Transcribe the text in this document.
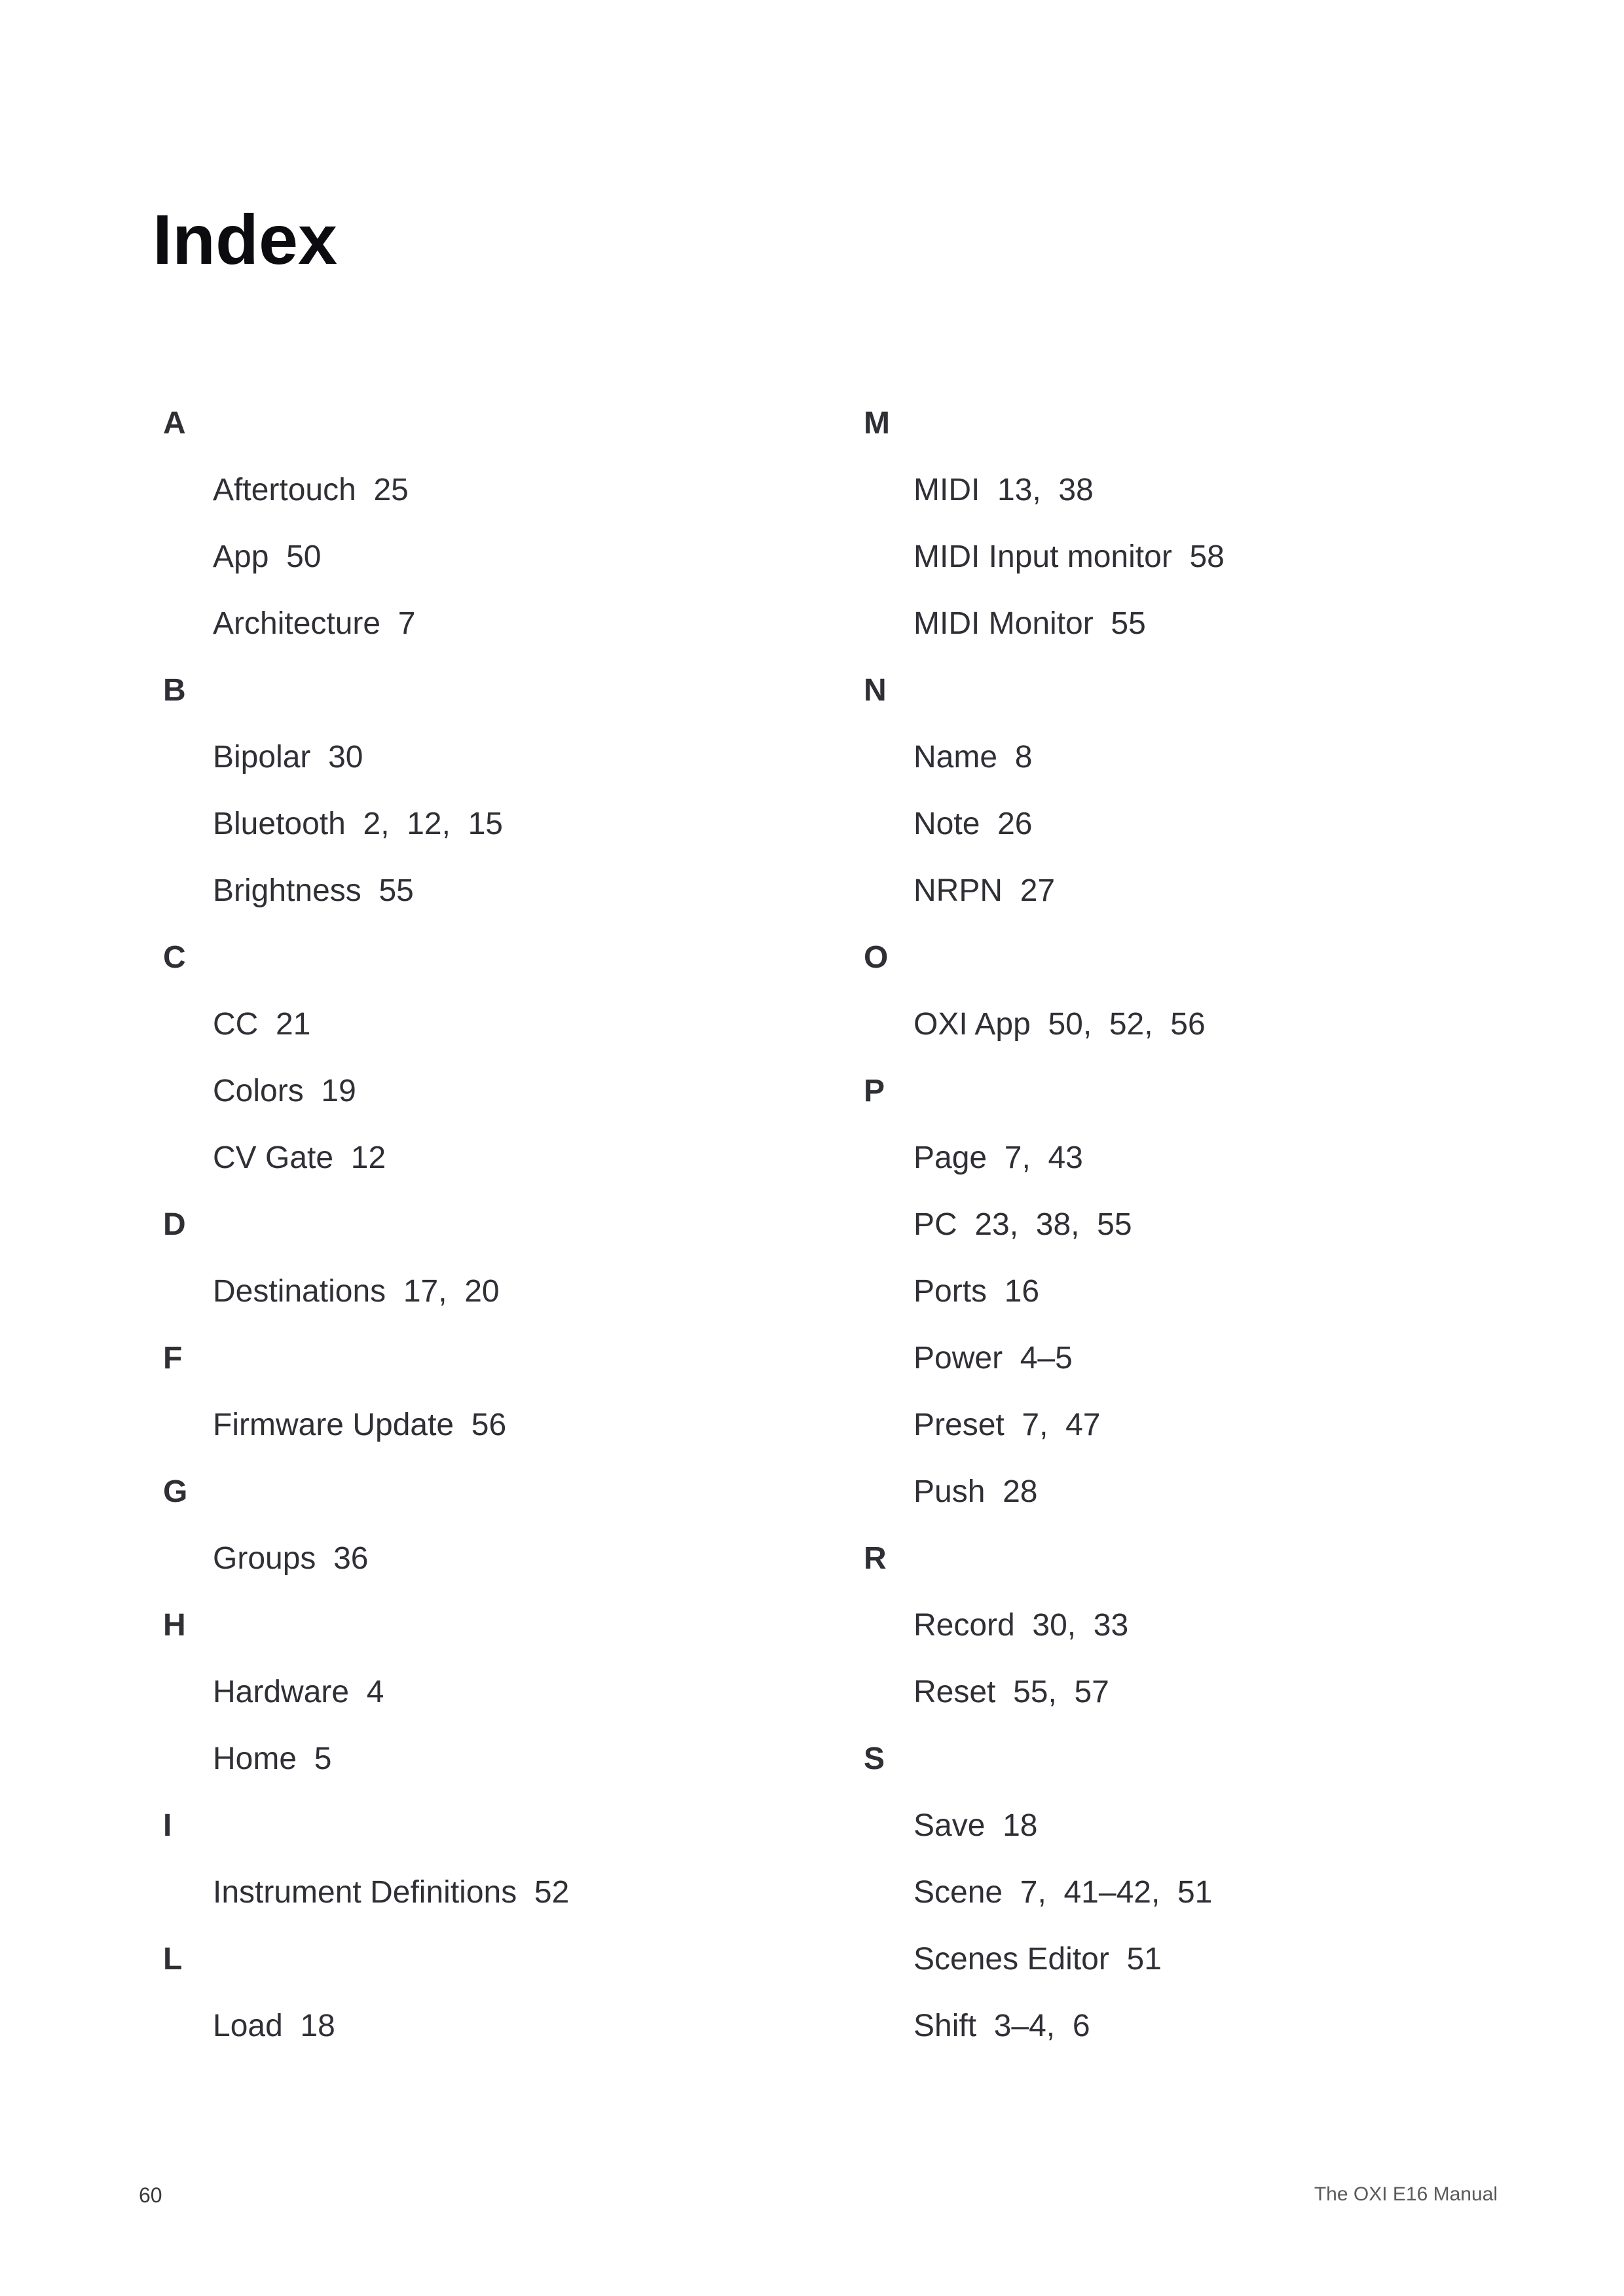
Index
A
Aftertouch 25
App 50
Architecture 7
B
Bipolar 30
Bluetooth 2,  12,  15
Brightness 55
C
CC 21
Colors 19
CV Gate 12
D
Destinations 17,  20
F
Firmware Update 56
G
Groups 36
H
Hardware 4
Home 5
I
Instrument Definitions 52
L
Load 18
M
MIDI 13,  38
MIDI Input monitor 58
MIDI Monitor 55
N
Name 8
Note 26
NRPN 27
O
OXI App 50,  52,  56
P
Page 7,  43
PC 23,  38,  55
Ports 16
Power 4–5
Preset 7,  47
Push 28
R
Record 30,  33
Reset 55,  57
S
Save 18
Scene 7,  41–42,  51
Scenes Editor 51
Shift 3–4,  6
60	The OXI E16 Manual
